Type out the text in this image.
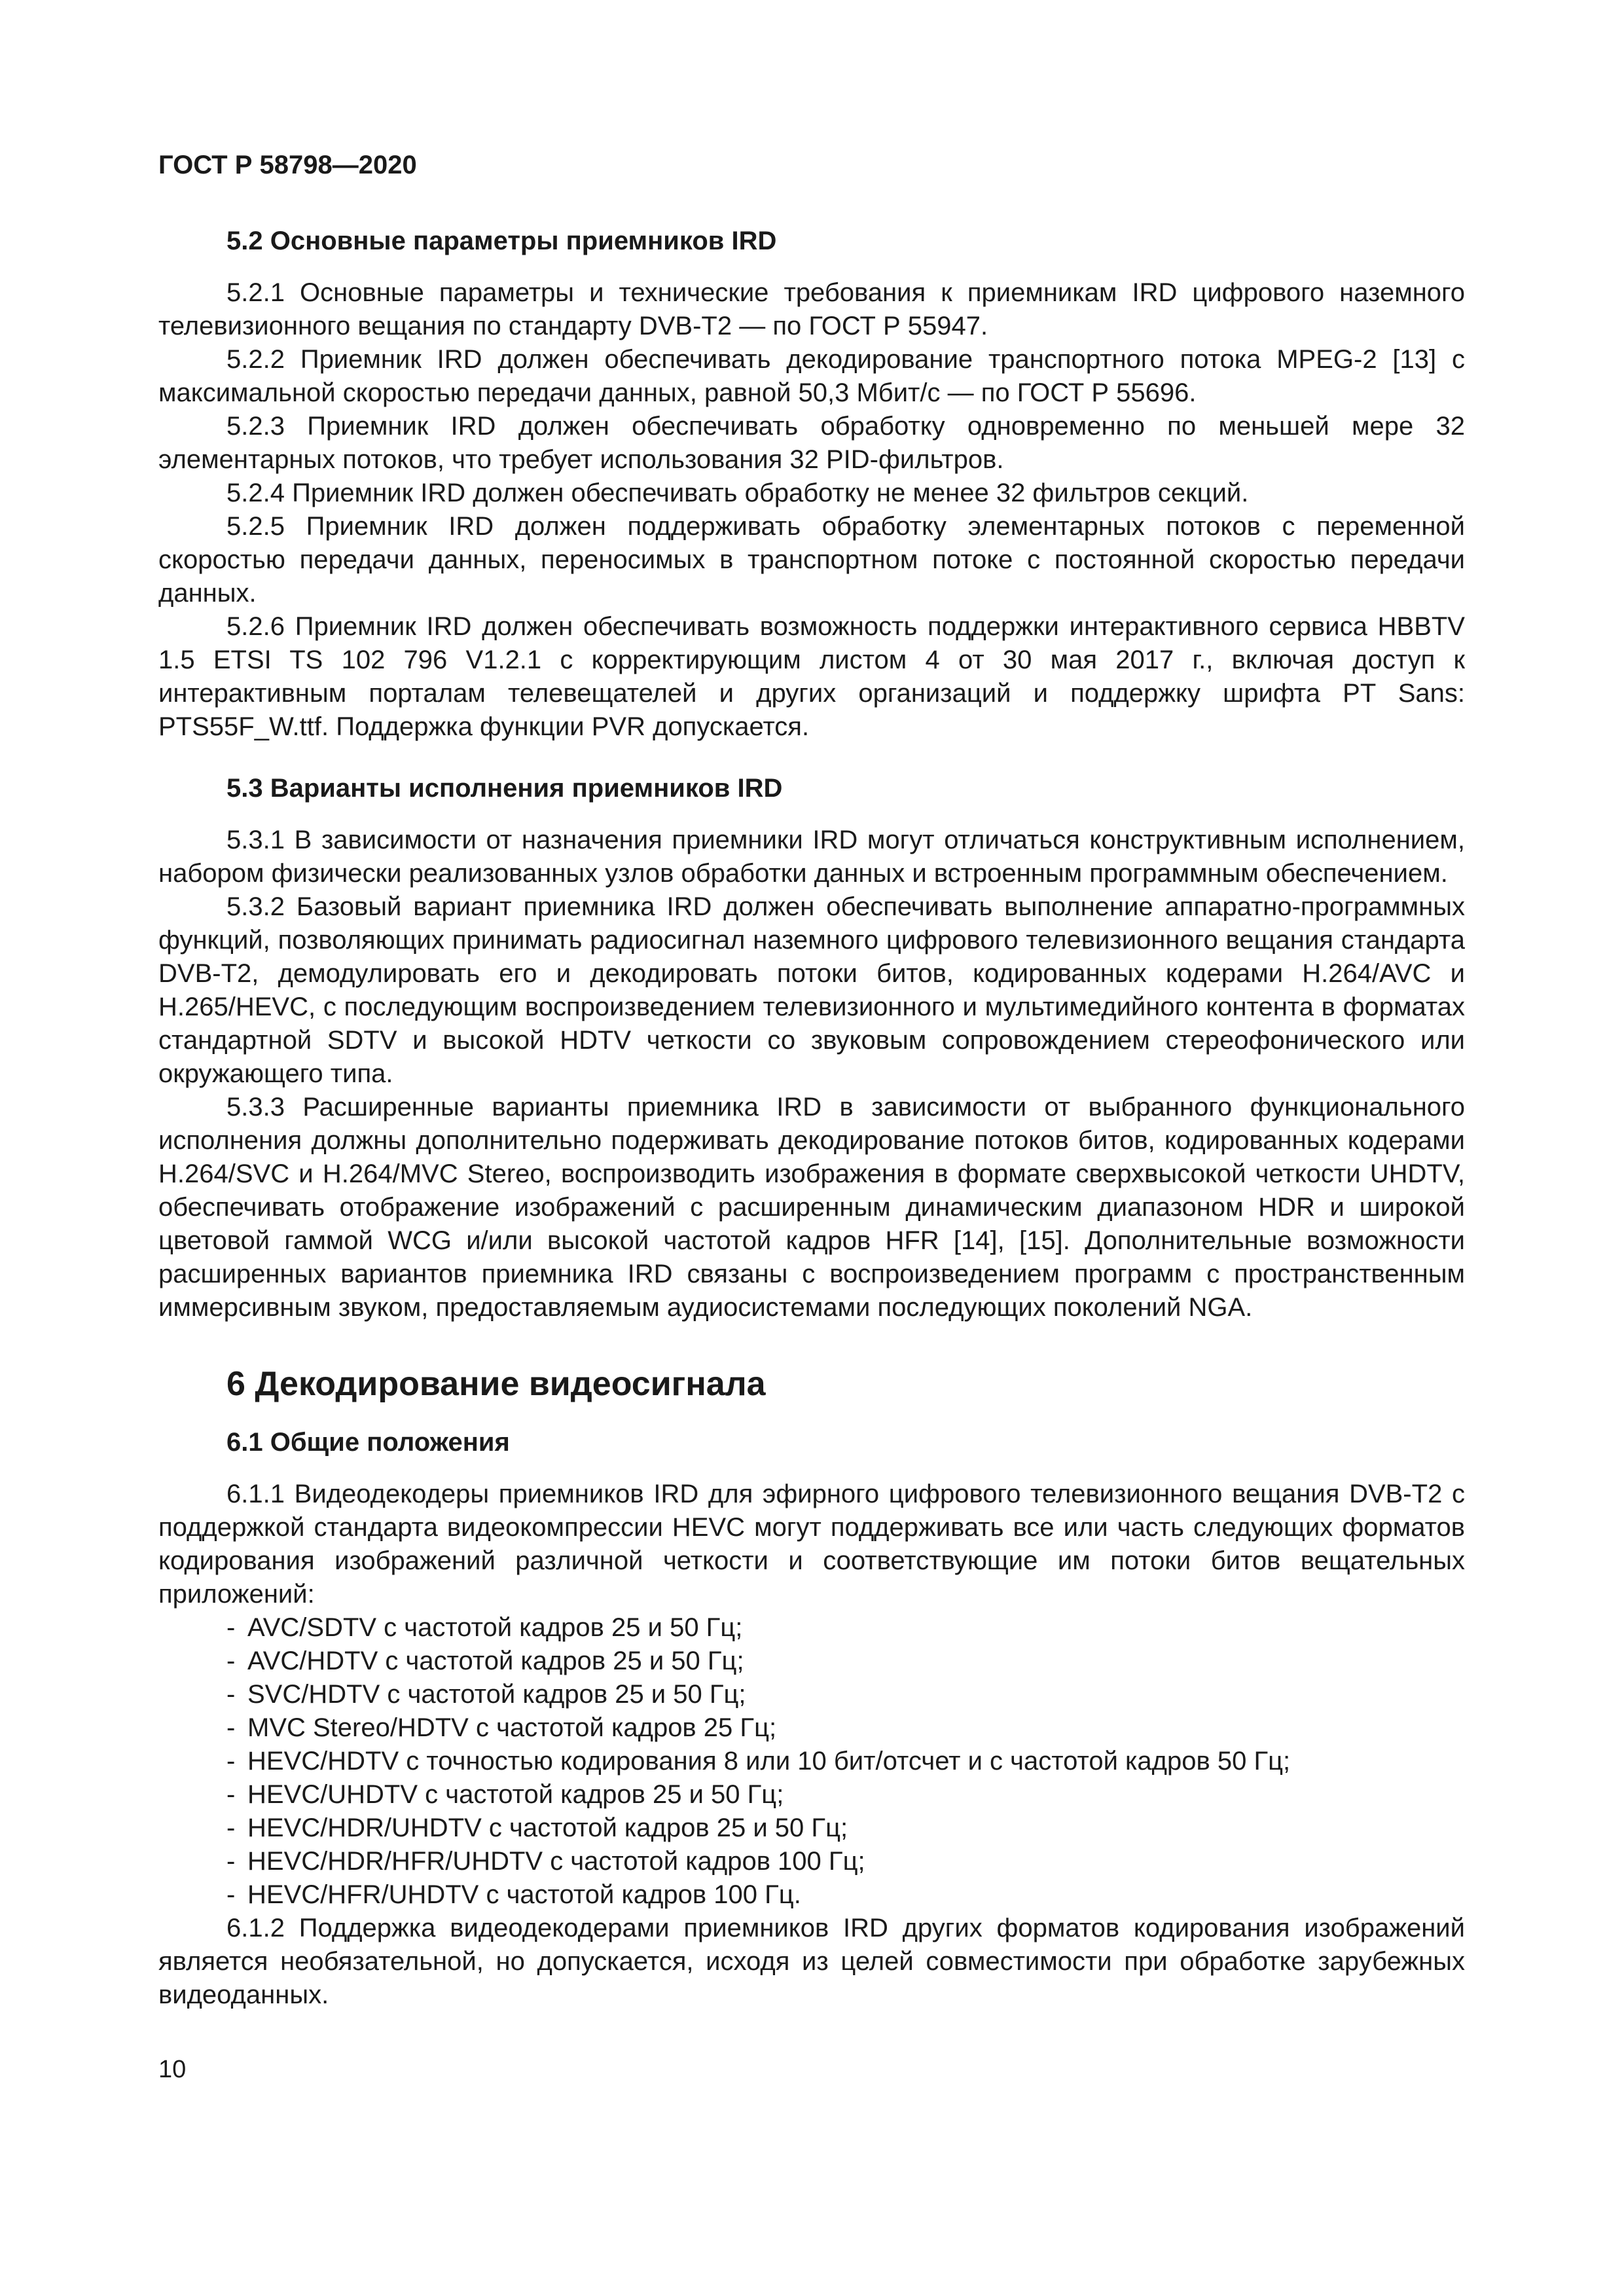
ГОСТ Р 58798—2020

5.2 Основные параметры приемников IRD

5.2.1 Основные параметры и технические требования к приемникам IRD цифрового наземного телевизионного вещания по стандарту DVB-T2 — по ГОСТ Р 55947.

5.2.2 Приемник IRD должен обеспечивать декодирование транспортного потока MPEG-2 [13] с максимальной скоростью передачи данных, равной 50,3 Мбит/с — по ГОСТ Р 55696.

5.2.3 Приемник IRD должен обеспечивать обработку одновременно по меньшей мере 32 элементарных потоков, что требует использования 32 PID-фильтров.

5.2.4 Приемник IRD должен обеспечивать обработку не менее 32 фильтров секций.

5.2.5 Приемник IRD должен поддерживать обработку элементарных потоков с переменной скоростью передачи данных, переносимых в транспортном потоке с постоянной скоростью передачи данных.

5.2.6 Приемник IRD должен обеспечивать возможность поддержки интерактивного сервиса HBBTV 1.5 ETSI TS 102 796 V1.2.1 с корректирующим листом 4 от 30 мая 2017 г., включая доступ к интерактивным порталам телевещателей и других организаций и поддержку шрифта PT Sans: PTS55F_W.ttf. Поддержка функции PVR допускается.

5.3 Варианты исполнения приемников IRD

5.3.1 В зависимости от назначения приемники IRD могут отличаться конструктивным исполнением, набором физически реализованных узлов обработки данных и встроенным программным обеспечением.

5.3.2 Базовый вариант приемника IRD должен обеспечивать выполнение аппаратно-программных функций, позволяющих принимать радиосигнал наземного цифрового телевизионного вещания стандарта DVB-T2, демодулировать его и декодировать потоки битов, кодированных кодерами H.264/AVC и H.265/HEVC, с последующим воспроизведением телевизионного и мультимедийного контента в форматах стандартной SDTV и высокой HDTV четкости со звуковым сопровождением стереофонического или окружающего типа.

5.3.3 Расширенные варианты приемника IRD в зависимости от выбранного функционального исполнения должны дополнительно подерживать декодирование потоков битов, кодированных кодерами H.264/SVC и H.264/MVC Stereo, воспроизводить изображения в формате сверхвысокой четкости UHDTV, обеспечивать отображение изображений с расширенным динамическим диапазоном HDR и широкой цветовой гаммой WCG и/или высокой частотой кадров HFR [14], [15]. Дополнительные возможности расширенных вариантов приемника IRD связаны с воспроизведением программ с пространственным иммерсивным звуком, предоставляемым аудиосистемами последующих поколений NGA.

6 Декодирование видеосигнала

6.1 Общие положения

6.1.1 Видеодекодеры приемников IRD для эфирного цифрового телевизионного вещания DVB-T2 с поддержкой стандарта видеокомпрессии HEVC могут поддерживать все или часть следующих форматов кодирования изображений различной четкости и соответствующие им потоки битов вещательных приложений:

- AVC/SDTV с частотой кадров 25 и 50 Гц;
- AVC/HDTV с частотой кадров 25 и 50 Гц;
- SVC/HDTV с частотой кадров 25 и 50 Гц;
- MVC Stereo/HDTV с частотой кадров 25 Гц;
- HEVC/HDTV с точностью кодирования 8 или 10 бит/отсчет и с частотой кадров 50 Гц;
- HEVC/UHDTV с частотой кадров 25 и 50 Гц;
- HEVC/HDR/UHDTV с частотой кадров 25 и 50 Гц;
- HEVC/HDR/HFR/UHDTV с частотой кадров 100 Гц;
- HEVC/HFR/UHDTV с частотой кадров 100 Гц.

6.1.2 Поддержка видеодекодерами приемников IRD других форматов кодирования изображений является необязательной, но допускается, исходя из целей совместимости при обработке зарубежных видеоданных.

10
